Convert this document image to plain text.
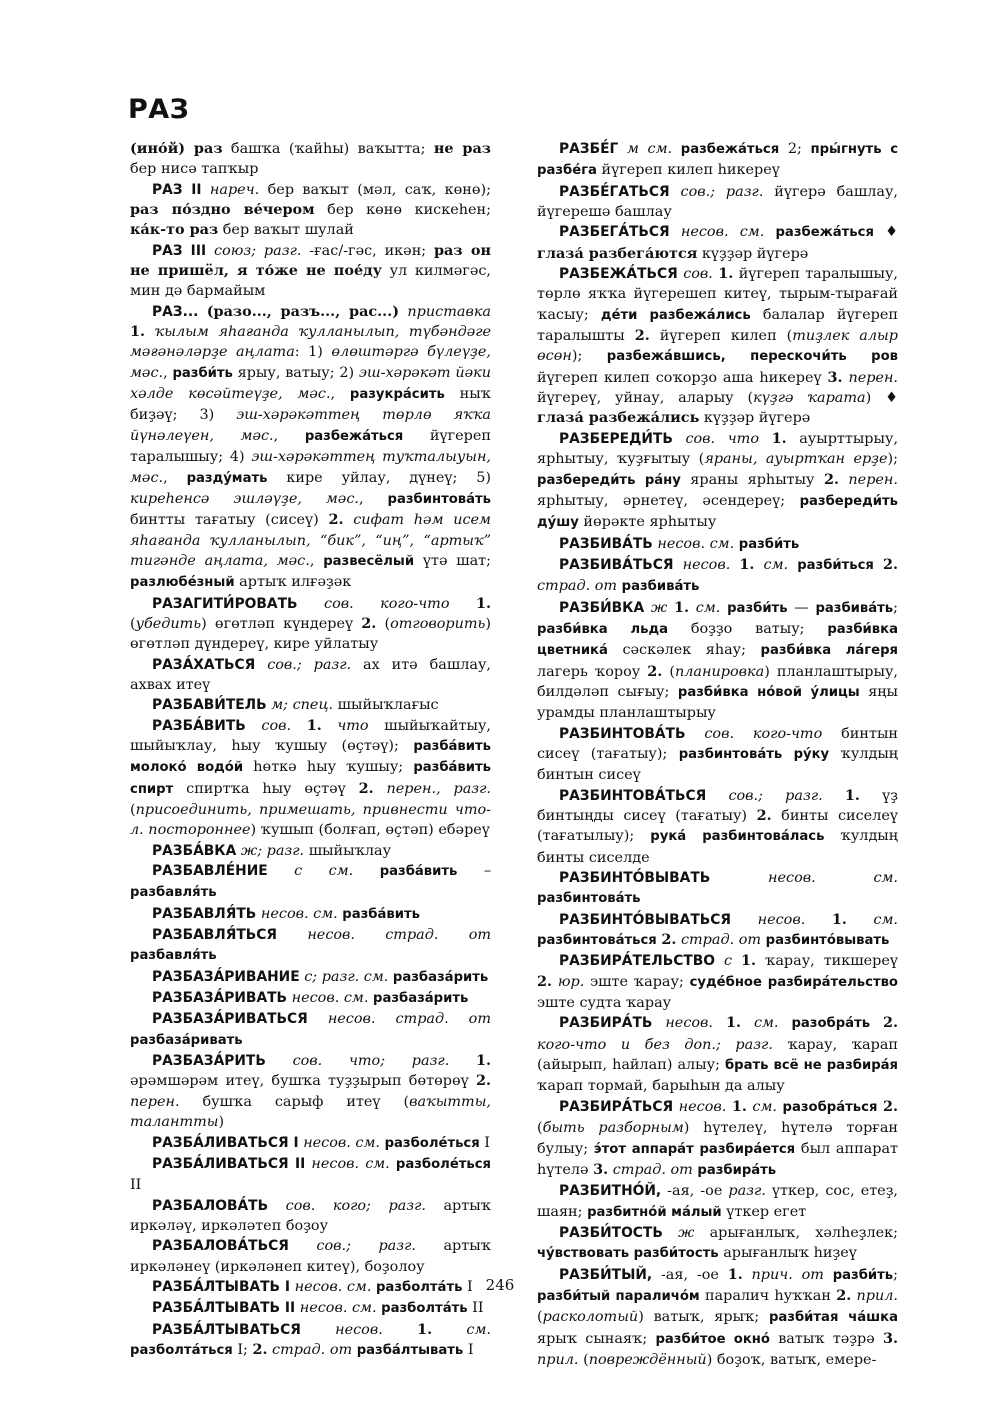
РАЗ

(ино́й) раз башҡа (ҡайһы) ваҡытта; не раз бер нисә тапҡыр

РАЗ II нареч. бер ваҡыт (мәл, саҡ, көнө); раз по́здно ве́чером бер көнө кискеһен; ка́к-то раз бер ваҡыт шулай

РАЗ III союз; разг. -ғас/-гәс, икән; раз он не пришёл, я то́же не пое́ду ул килмәгәс, мин дә бармайым

РАЗ... (разо..., разъ..., рас...) приставка 1. ҡылым яһағанда ҡулланылып, түбәндәге мәғәнәләрҙе аңлата: 1) өлөштәргә бүлеүҙе, мәс., разби́ть ярыу, ватыу; 2) эш-хәрәкәт йәки хәлде көсәйтеүҙе, мәс., разукра́сить ныҡ биҙәү; 3) эш-хәрәкәттең төрлө яҡҡа йүнәлеүен, мәс., разбежа́ться йүгереп таралышыу; 4) эш-хәрәкәттең туҡталыуын, мәс., разду́мать кире уйлау, дүнеү; 5) киреһенсә эшләүҙе, мәс., разбинтова́ть бинтты тағатыу (сисеү) 2. сифат һәм исем яһағанда ҡулланылып, “бик”, “иң”, “артыҡ” тигәнде аңлата, мәс., развесёлый үтә шат; разлюбе́зный артыҡ илғәҙәк

РАЗАГИТИ́РОВАТЬ сов. кого-что 1. (убедить) өгөтләп күндереү 2. (отговорить) өгөтләп дүндереү, кире уйлатыу

РАЗА́ХАТЬСЯ сов.; разг. ах итә башлау, ахвах итеү

РАЗБАВИ́ТЕЛЬ м; спец. шыйыҡлағыс

РАЗБА́ВИТЬ сов. 1. что шыйыҡайтыу, шыйыҡлау, һыу ҡушыу (өҫтәү); разба́вить молоко́ водо́й һөткә һыу ҡушыу; разба́вить спирт спиртҡа һыу өҫтәү 2. перен., разг. (присоединить, примешать, привнести что-л. постороннее) ҡушып (болғап, өҫтәп) ебәреү

РАЗБА́ВКА ж; разг. шыйыҡлау

РАЗБАВЛЕ́НИЕ с см. разба́вить – разбавля́ть

РАЗБАВЛЯ́ТЬ несов. см. разба́вить

РАЗБАВЛЯ́ТЬСЯ несов. страд. от разбавля́ть

РАЗБАЗА́РИВАНИЕ с; разг. см. разбаза́рить

РАЗБАЗА́РИВАТЬ несов. см. разбаза́рить

РАЗБАЗА́РИВАТЬСЯ несов. страд. от разбаза́ривать

РАЗБАЗА́РИТЬ сов. что; разг. 1. әрәмшәрәм итеү, бушҡа туҙҙырып бөтөрөү 2. перен. бушҡа сарыф итеү (ваҡытты, талантты)

РАЗБА́ЛИВАТЬСЯ I несов. см. разболе́ться I

РАЗБА́ЛИВАТЬСЯ II несов. см. разболе́ться II

РАЗБАЛОВА́ТЬ сов. кого; разг. артыҡ иркәләү, иркәләтеп боҙоу

РАЗБАЛОВА́ТЬСЯ сов.; разг. артыҡ иркәләнеү (иркәләнеп китеү), боҙолоу

РАЗБА́ЛТЫВАТЬ I несов. см. разболта́ть I

РАЗБА́ЛТЫВАТЬ II несов. см. разболта́ть II

РАЗБА́ЛТЫВАТЬСЯ несов. 1. см. разболта́ться I; 2. страд. от разба́лтывать I

РАЗБЕ́Г м см. разбежа́ться 2; пры́гнуть с разбе́га йүгереп килеп һикереү

РАЗБЕ́ГАТЬСЯ сов.; разг. йүгерә башлау, йүгерешә башлау

РАЗБЕГА́ТЬСЯ несов. см. разбежа́ться ♦ глаза́ разбега́ются күҙҙәр йүгерә

РАЗБЕЖА́ТЬСЯ сов. 1. йүгереп таралышыу, төрлө яҡҡа йүгерешеп китеү, тырым-тырағай ҡасыу; де́ти разбежа́лись балалар йүгереп таралышты 2. йүгереп килеп (тиҙлек алыр өсөн); разбежа́вшись, перескочи́ть ров йүгереп килеп соҡорҙо аша һикереү 3. перен. йүгереү, уйнау, аларыу (күҙгә ҡарата) ♦ глаза́ разбежа́лись күҙҙәр йүгерә

РАЗБЕРЕДИ́ТЬ сов. что 1. ауырттырыу, ярһытыу, ҡуҙғытыу (яраны, ауыртҡан ерҙе); разбереди́ть ра́ну яраны ярһытыу 2. перен. ярһытыу, әрнетеү, әсендереү; разбереди́ть ду́шу йөрәкте ярһытыу

РАЗБИВА́ТЬ несов. см. разби́ть

РАЗБИВА́ТЬСЯ несов. 1. см. разби́ться 2. страд. от разбива́ть

РАЗБИ́ВКА ж 1. см. разби́ть — разбива́ть; разби́вка льда боҙҙо ватыу; разби́вка цветника́ сәскәлек яһау; разби́вка ла́геря лагерь ҡороу 2. (планировка) планлаштырыу, билдәләп сығыу; разби́вка но́вой у́лицы яңы урамды планлаштырыу

РАЗБИНТОВА́ТЬ сов. кого-что бинтын сисеү (тағатыу); разбинтова́ть ру́ку ҡулдың бинтын сисеү

РАЗБИНТОВА́ТЬСЯ сов.; разг. 1. үҙ бинтыңды сисеү (тағатыу) 2. бинты сиселеү (тағатылыу); рука́ разбинтова́лась ҡулдың бинты сиселде

РАЗБИНТО́ВЫВАТЬ	несов. см. разбинтова́ть

РАЗБИНТО́ВЫВАТЬСЯ несов. 1. см. разбинтова́ться 2. страд. от разбинто́вывать

РАЗБИРА́ТЕЛЬСТВО с 1. ҡарау, тикшереү 2. юр. эште ҡарау; суде́бное разбира́тельство эште судта ҡарау

РАЗБИРА́ТЬ несов. 1. см. разобра́ть 2. кого-что и без доп.; разг. ҡарау, ҡарап (айырып, һайлап) алыу; брать всё не разбира́я ҡарап тормай, барыһын да алыу

РАЗБИРА́ТЬСЯ несов. 1. см. разобра́ться 2. (быть разборным) һүтелеү, һүтелә торған булыу; э́тот аппара́т разбира́ется был аппарат һүтелә 3. страд. от разбира́ть

РАЗБИТНО́Й, -ая, -ое разг. үткер, сос, етеҙ, шаян; разбитно́й ма́лый үткер егет

РАЗБИ́ТОСТЬ ж арығанлыҡ, хәлһеҙлек; чу́вствовать разби́тость арығанлыҡ һиҙеү

РАЗБИ́ТЫЙ, -ая, -ое 1. прич. от разби́ть; разби́тый параличо́м паралич һуҡҡан 2. прил. (расколотый) ватыҡ, ярыҡ; разби́тая ча́шка ярыҡ сынаяҡ; разби́тое окно́ ватыҡ тәҙрә 3. прил. (повреждённый) боҙоҡ, ватыҡ, емере-

246
